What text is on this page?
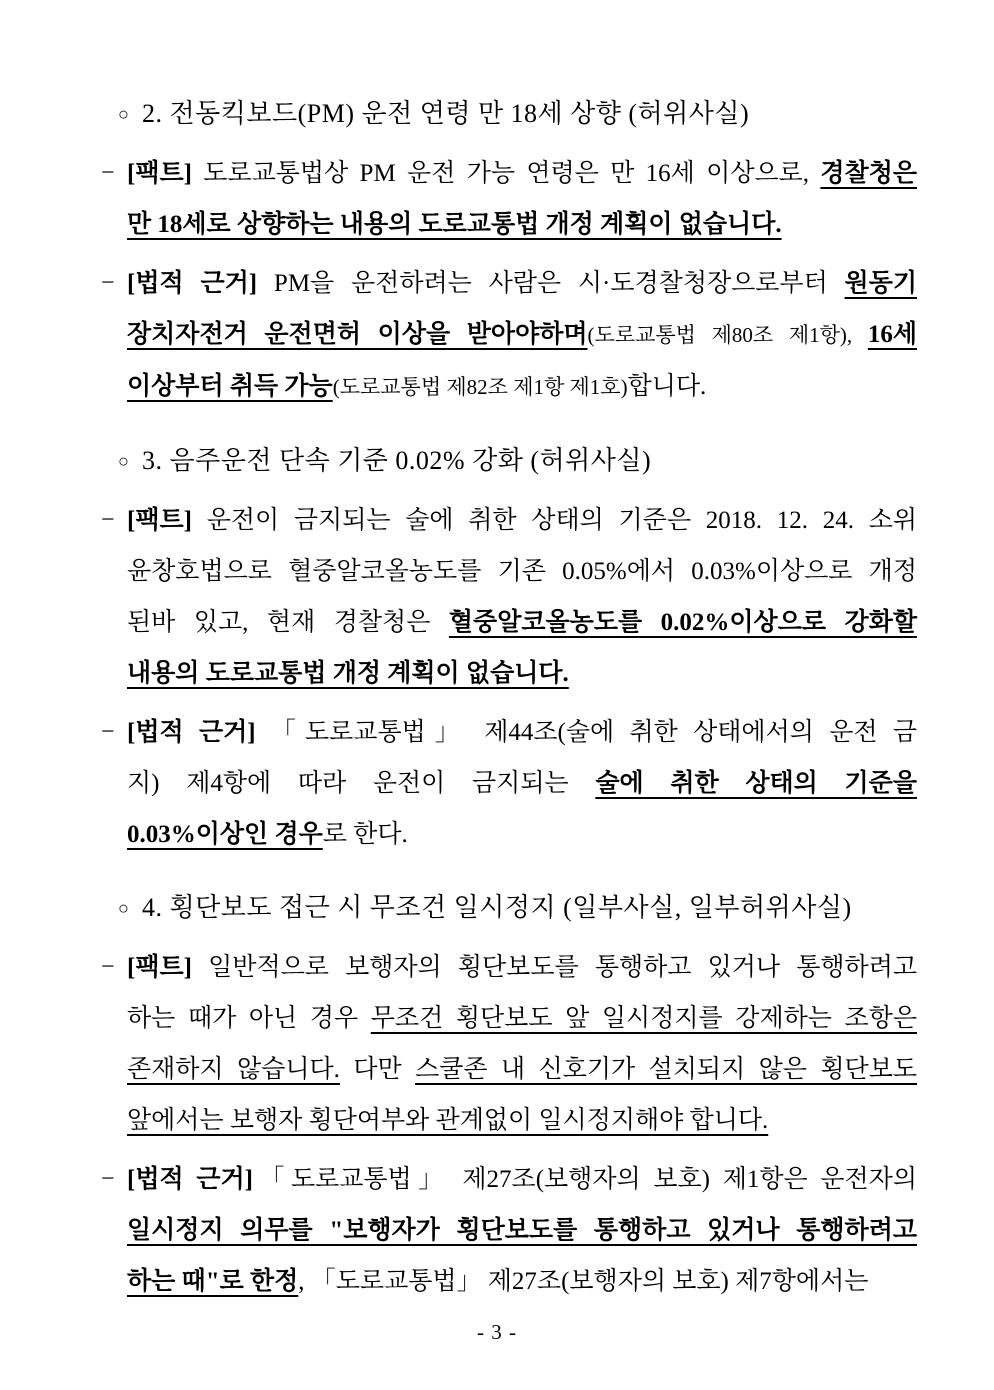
○ 2. 전동킥보드(PM) 운전 연령 만 18세 상향 (허위사실)
− [팩트] 도로교통법상 PM 운전 가능 연령은 만 16세 이상으로, 경찰청은
만 18세로 상향하는 내용의 도로교통법 개정 계획이 없습니다.
− [법적 근거] PM을 운전하려는 사람은 시·도경찰청장으로부터 원동기
장치자전거 운전면허 이상을 받아야하며(도로교통법 제80조 제1항), 16세
이상부터 취득 가능(도로교통법 제82조 제1항 제1호)합니다.
○ 3. 음주운전 단속 기준 0.02% 강화 (허위사실)
− [팩트] 운전이 금지되는 술에 취한 상태의 기준은 2018. 12. 24. 소위
윤창호법으로 혈중알코올농도를 기존 0.05%에서 0.03%이상으로 개정
된바 있고, 현재 경찰청은 혈중알코올농도를 0.02%이상으로 강화할
내용의 도로교통법 개정 계획이 없습니다.
− [법적 근거] 「도로교통법」 제44조(술에 취한 상태에서의 운전 금
지) 제4항에 따라 운전이 금지되는 술에 취한 상태의 기준을
0.03%이상인 경우로 한다.
○ 4. 횡단보도 접근 시 무조건 일시정지 (일부사실, 일부허위사실)
− [팩트] 일반적으로 보행자의 횡단보도를 통행하고 있거나 통행하려고
하는 때가 아닌 경우 무조건 횡단보도 앞 일시정지를 강제하는 조항은
존재하지 않습니다. 다만 스쿨존 내 신호기가 설치되지 않은 횡단보도
앞에서는 보행자 횡단여부와 관계없이 일시정지해야 합니다.
− [법적 근거]「도로교통법」 제27조(보행자의 보호) 제1항은 운전자의
일시정지 의무를 "보행자가 횡단보도를 통행하고 있거나 통행하려고
하는 때"로 한정, 「도로교통법」 제27조(보행자의 보호) 제7항에서는
- 3 -
